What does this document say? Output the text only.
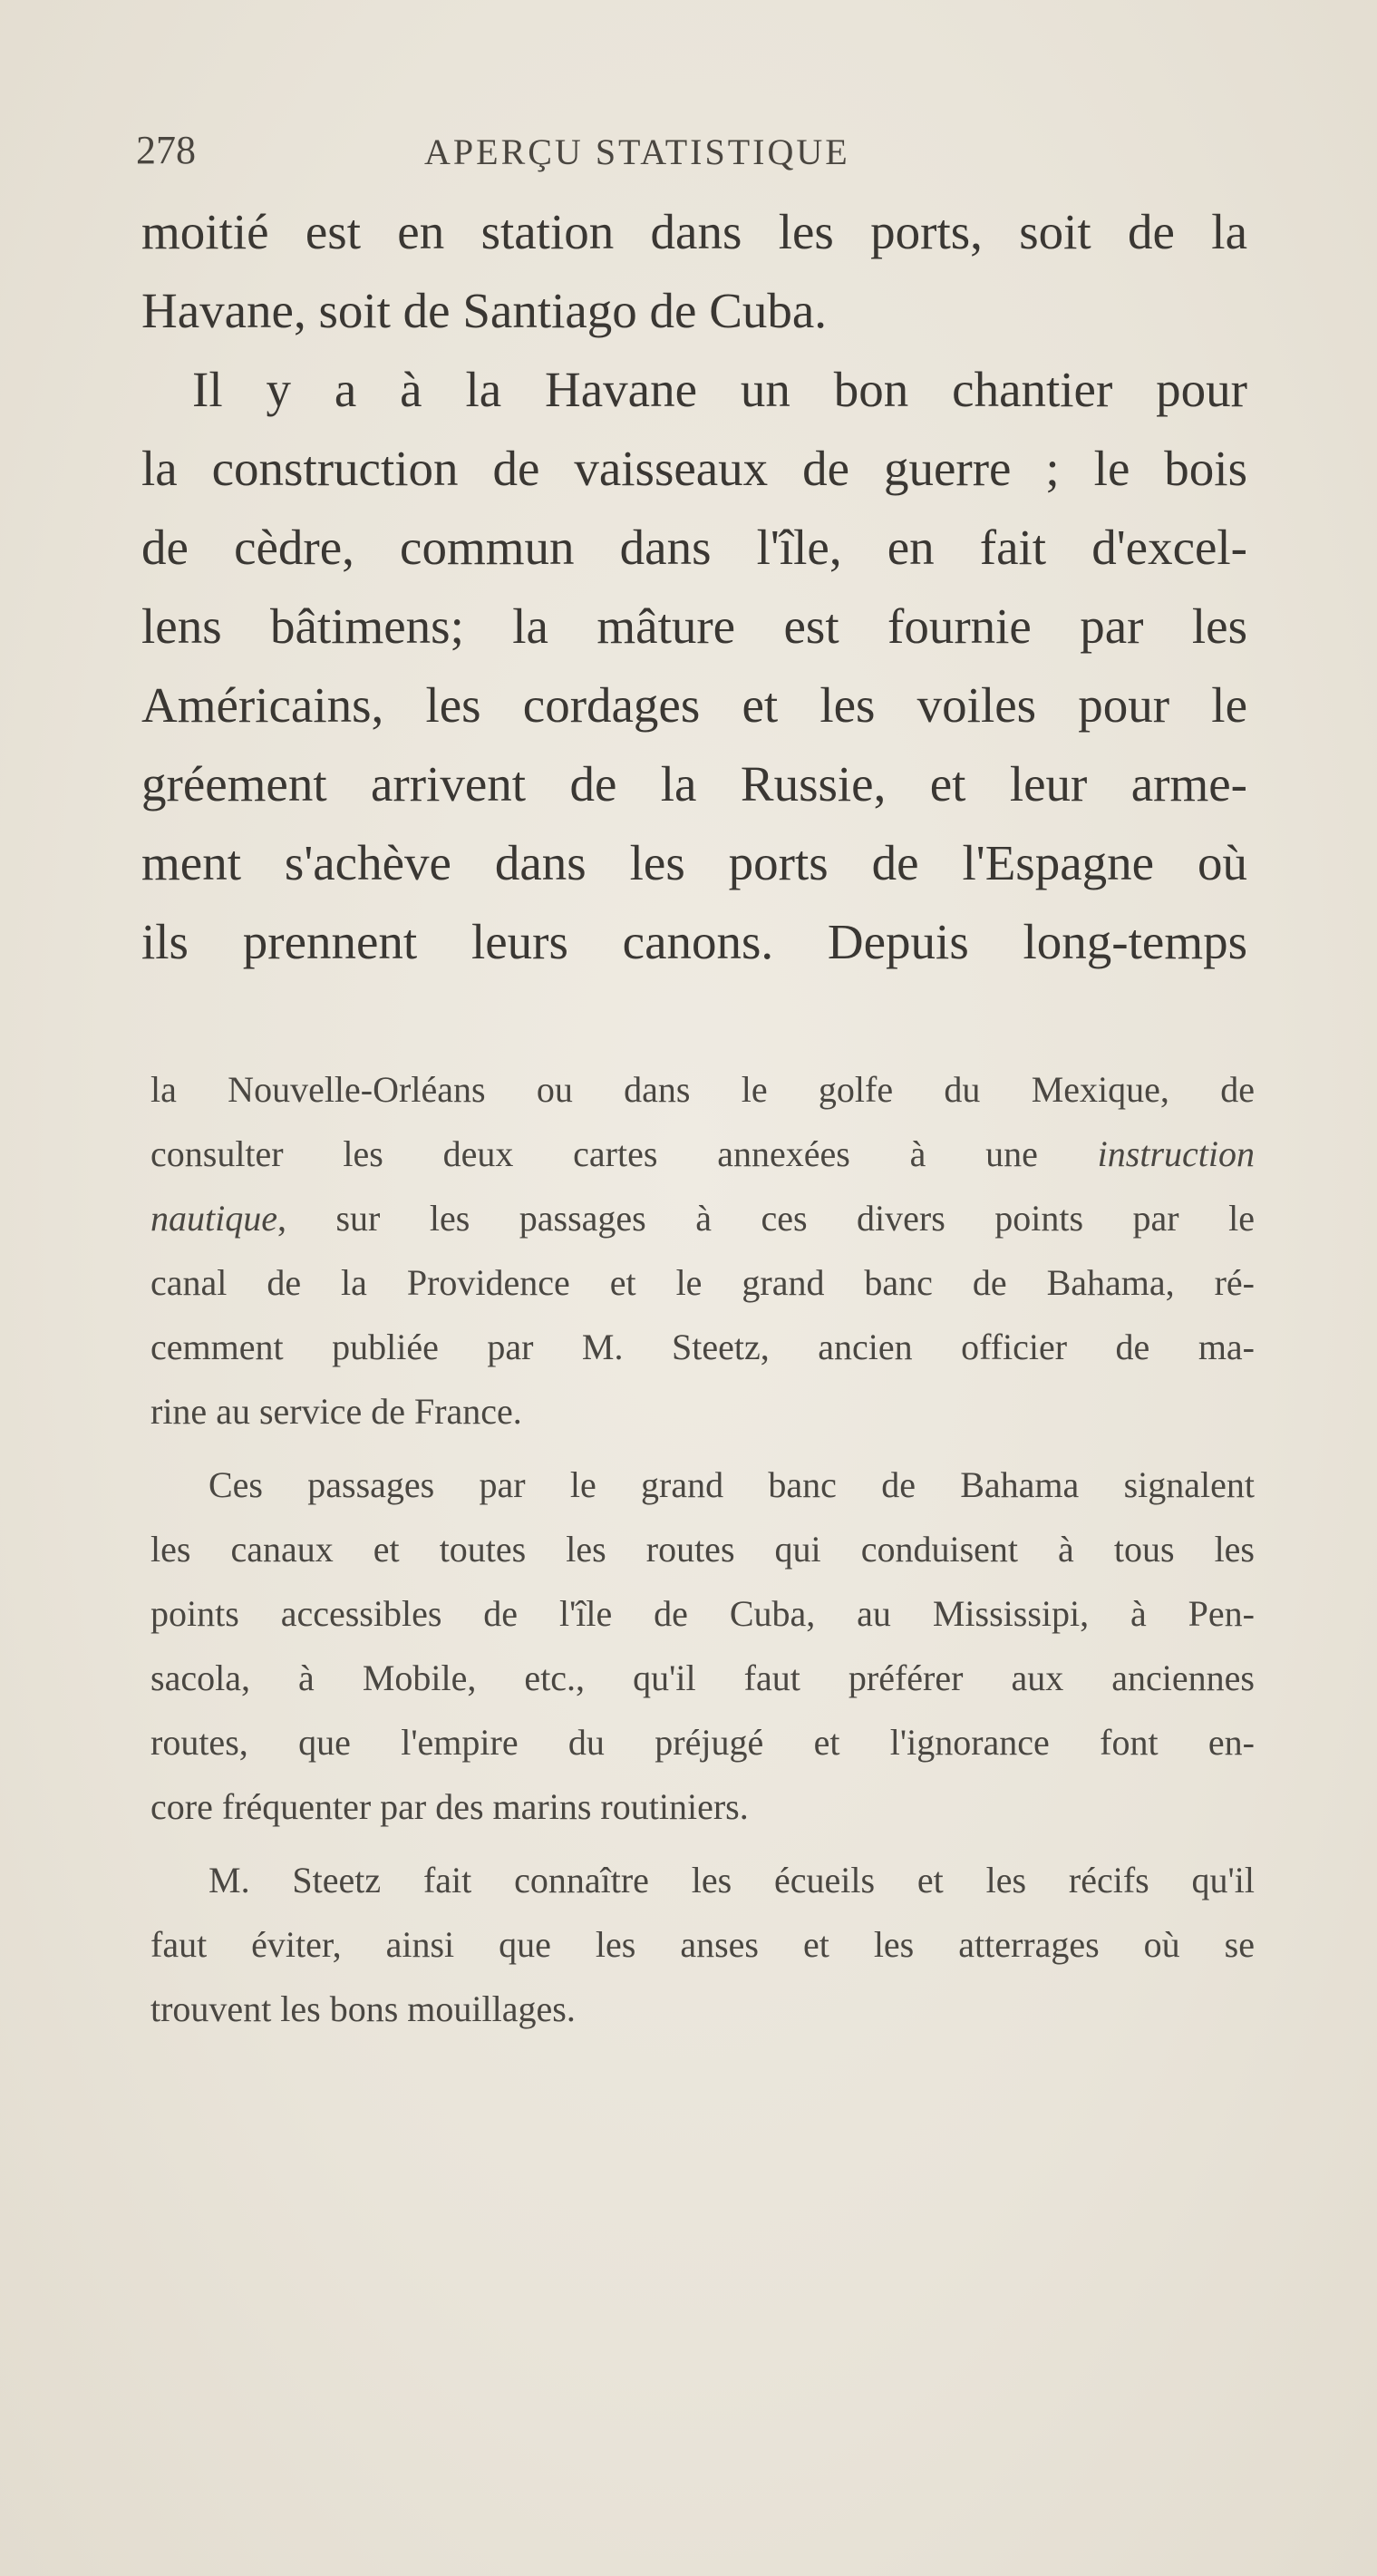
278	APERÇU STATISTIQUE
moitié est en station dans les ports, soit de la
Havane, soit de Santiago de Cuba.
Il y a à la Havane un bon chantier pour
la construction de vaisseaux de guerre ; le bois
de cèdre, commun dans l'île, en fait d'excel-
lens bâtimens; la mâture est fournie par les
Américains, les cordages et les voiles pour le
gréement arrivent de la Russie, et leur arme-
ment s'achève dans les ports de l'Espagne où
ils prennent leurs canons. Depuis long-temps
la Nouvelle-Orléans ou dans le golfe du Mexique, de
consulter les deux cartes annexées à une instruction
nautique, sur les passages à ces divers points par le
canal de la Providence et le grand banc de Bahama, ré-
cemment publiée par M. Steetz, ancien officier de ma-
rine au service de France.
Ces passages par le grand banc de Bahama signalent
les canaux et toutes les routes qui conduisent à tous les
points accessibles de l'île de Cuba, au Mississipi, à Pen-
sacola, à Mobile, etc., qu'il faut préférer aux anciennes
routes, que l'empire du préjugé et l'ignorance font en-
core fréquenter par des marins routiniers.
M. Steetz fait connaître les écueils et les récifs qu'il
faut éviter, ainsi que les anses et les atterrages où se
trouvent les bons mouillages.
